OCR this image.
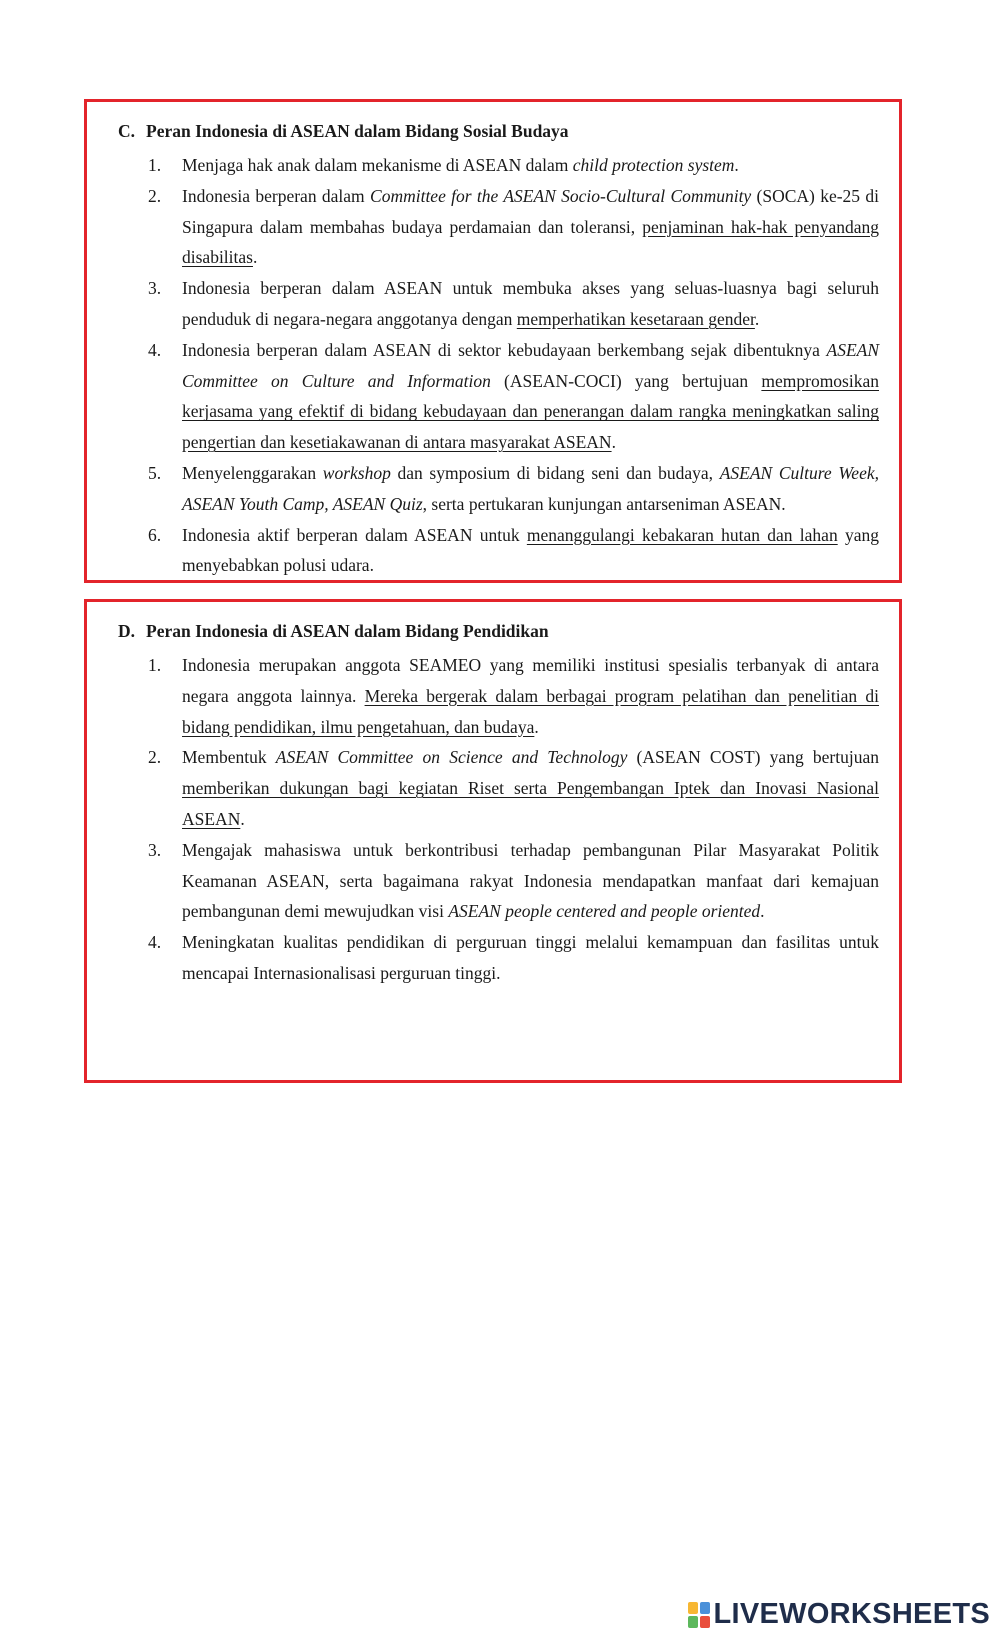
C. Peran Indonesia di ASEAN dalam Bidang Sosial Budaya
1. Menjaga hak anak dalam mekanisme di ASEAN dalam child protection system.
2. Indonesia berperan dalam Committee for the ASEAN Socio-Cultural Community (SOCA) ke-25 di Singapura dalam membahas budaya perdamaian dan toleransi, penjaminan hak-hak penyandang disabilitas.
3. Indonesia berperan dalam ASEAN untuk membuka akses yang seluas-luasnya bagi seluruh penduduk di negara-negara anggotanya dengan memperhatikan kesetaraan gender.
4. Indonesia berperan dalam ASEAN di sektor kebudayaan berkembang sejak dibentuknya ASEAN Committee on Culture and Information (ASEAN-COCI) yang bertujuan mempromosikan kerjasama yang efektif di bidang kebudayaan dan penerangan dalam rangka meningkatkan saling pengertian dan kesetiakawanan di antara masyarakat ASEAN.
5. Menyelenggarakan workshop dan symposium di bidang seni dan budaya, ASEAN Culture Week, ASEAN Youth Camp, ASEAN Quiz, serta pertukaran kunjungan antarseniman ASEAN.
6. Indonesia aktif berperan dalam ASEAN untuk menanggulangi kebakaran hutan dan lahan yang menyebabkan polusi udara.
D. Peran Indonesia di ASEAN dalam Bidang Pendidikan
1. Indonesia merupakan anggota SEAMEO yang memiliki institusi spesialis terbanyak di antara negara anggota lainnya. Mereka bergerak dalam berbagai program pelatihan dan penelitian di bidang pendidikan, ilmu pengetahuan, dan budaya.
2. Membentuk ASEAN Committee on Science and Technology (ASEAN COST) yang bertujuan memberikan dukungan bagi kegiatan Riset serta Pengembangan Iptek dan Inovasi Nasional ASEAN.
3. Mengajak mahasiswa untuk berkontribusi terhadap pembangunan Pilar Masyarakat Politik Keamanan ASEAN, serta bagaimana rakyat Indonesia mendapatkan manfaat dari kemajuan pembangunan demi mewujudkan visi ASEAN people centered and people oriented.
4. Meningkatan kualitas pendidikan di perguruan tinggi melalui kemampuan dan fasilitas untuk mencapai Internasionalisasi perguruan tinggi.
LIVEWORKSHEETS
